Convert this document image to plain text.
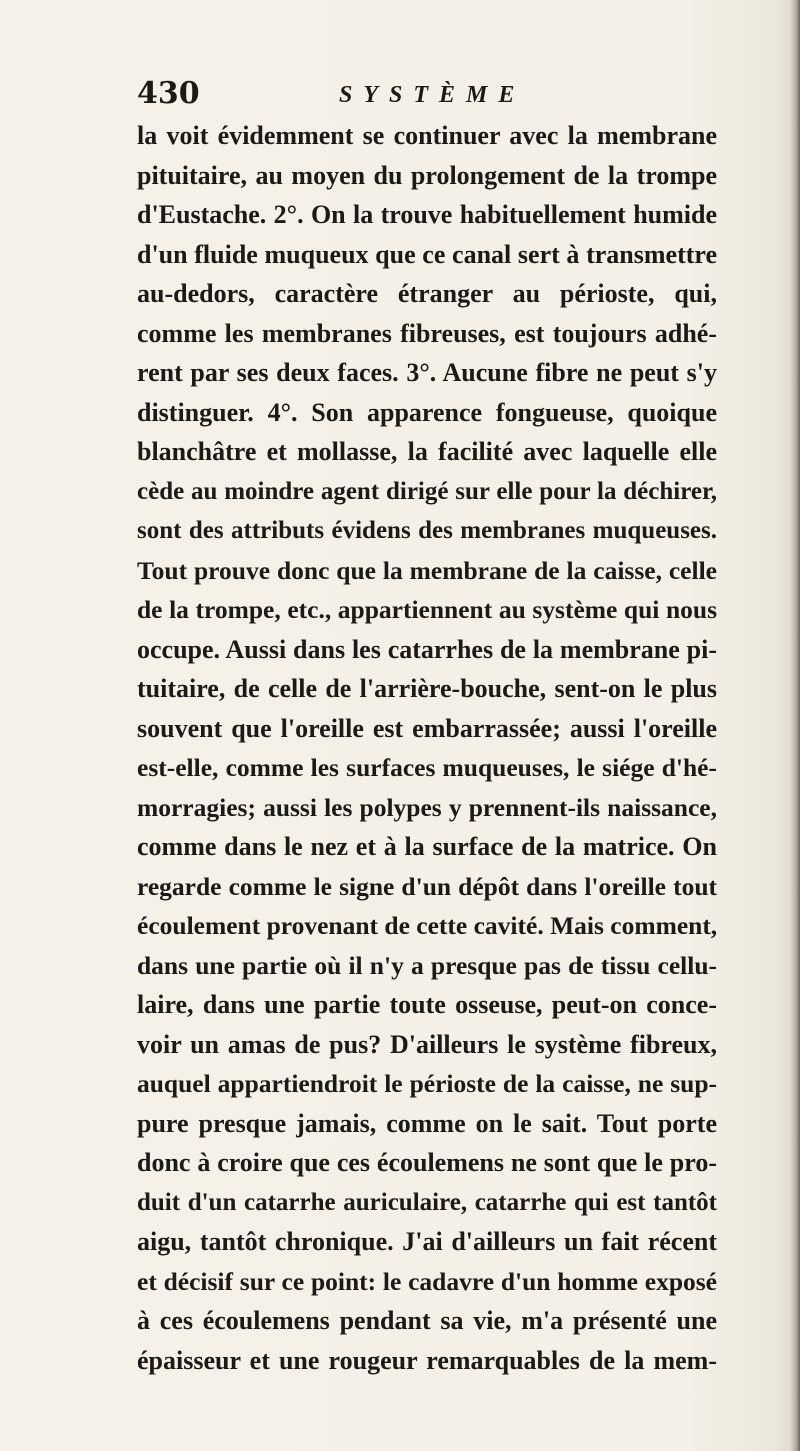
430	SYSTÈME
la voit évidemment se continuer avec la membrane
pituitaire, au moyen du prolongement de la trompe
d'Eustache. 2°. On la trouve habituellement humide
d'un fluide muqueux que ce canal sert à transmettre
au-dedors, caractère étranger au périoste, qui,
comme les membranes fibreuses, est toujours adhé-
rent par ses deux faces. 3°. Aucune fibre ne peut s'y
distinguer. 4°. Son apparence fongueuse, quoique
blanchâtre et mollasse, la facilité avec laquelle elle
cède au moindre agent dirigé sur elle pour la déchirer,
sont des attributs évidens des membranes muqueuses.
Tout prouve donc que la membrane de la caisse, celle
de la trompe, etc., appartiennent au système qui nous
occupe. Aussi dans les catarrhes de la membrane pi-
tuitaire, de celle de l'arrière-bouche, sent-on le plus
souvent que l'oreille est embarrassée; aussi l'oreille
est-elle, comme les surfaces muqueuses, le siége d'hé-
morragies; aussi les polypes y prennent-ils naissance,
comme dans le nez et à la surface de la matrice. On
regarde comme le signe d'un dépôt dans l'oreille tout
écoulement provenant de cette cavité. Mais comment,
dans une partie où il n'y a presque pas de tissu cellu-
laire, dans une partie toute osseuse, peut-on conce-
voir un amas de pus? D'ailleurs le système fibreux,
auquel appartiendroit le périoste de la caisse, ne sup-
pure presque jamais, comme on le sait. Tout porte
donc à croire que ces écoulemens ne sont que le pro-
duit d'un catarrhe auriculaire, catarrhe qui est tantôt
aigu, tantôt chronique. J'ai d'ailleurs un fait récent
et décisif sur ce point: le cadavre d'un homme exposé
à ces écoulemens pendant sa vie, m'a présenté une
épaisseur et une rougeur remarquables de la mem-
